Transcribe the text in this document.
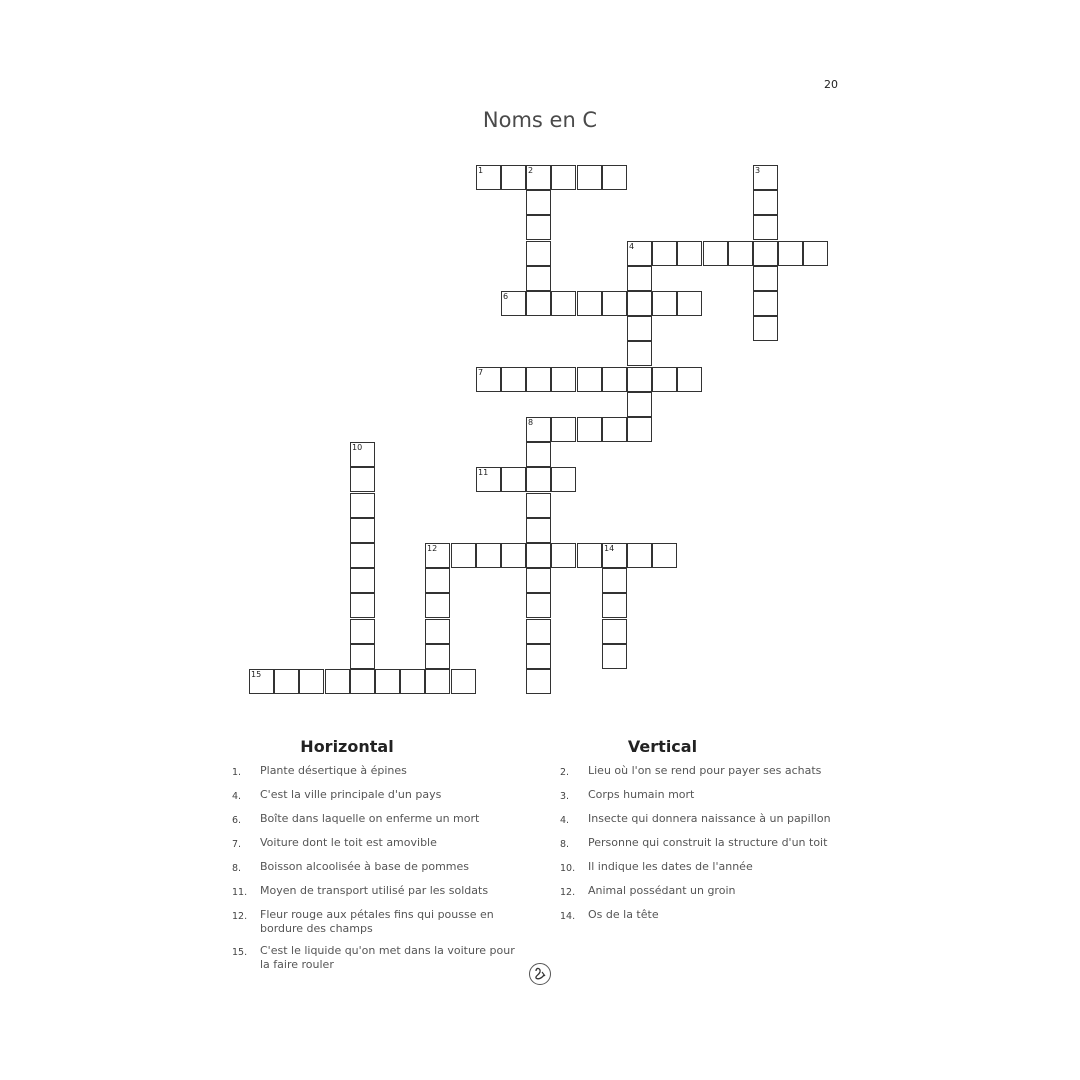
20
Noms en C
1	2	3
4
6
7
8
10
11
12	14
15
Horizontal
1.	Plante désertique à épines
4.	C'est la ville principale d'un pays
6.	Boîte dans laquelle on enferme un mort
7.	Voiture dont le toit est amovible
8.	Boisson alcoolisée à base de pommes
11.	Moyen de transport utilisé par les soldats
12.	Fleur rouge aux pétales fins qui pousse en bordure des champs
15.	C'est le liquide qu'on met dans la voiture pour la faire rouler
Vertical
2.	Lieu où l'on se rend pour payer ses achats
3.	Corps humain mort
4.	Insecte qui donnera naissance à un papillon
8.	Personne qui construit la structure d'un toit
10.	Il indique les dates de l'année
12.	Animal possédant un groin
14.	Os de la tête
